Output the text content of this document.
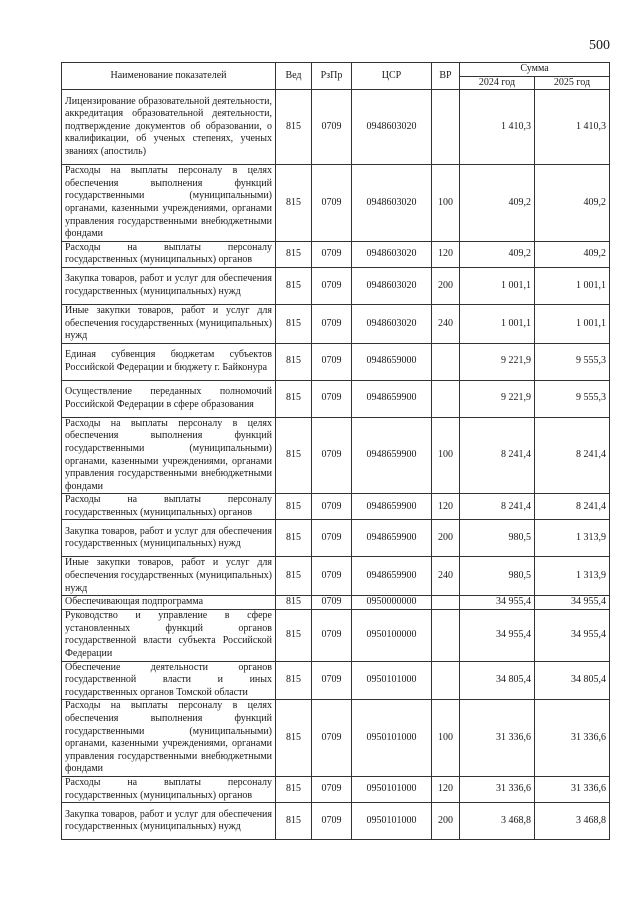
500
Наименование показателей	Вед	РзПр	ЦСР	ВР	Сумма	
					2024 год	2025 год
Лицензирование образовательной деятельности, аккредитация образовательной деятельности, подтверждение документов об образовании, о квалификации, об ученых степенях, ученых званиях (апостиль)	815	0709	0948603020		1 410,3	1 410,3
Расходы на выплаты персоналу в целях обеспечения выполнения функций государственными (муниципальными) органами, казенными учреждениями, органами управления государственными внебюджетными фондами	815	0709	0948603020	100	409,2	409,2
Расходы на выплаты персоналу государственных (муниципальных) органов	815	0709	0948603020	120	409,2	409,2
Закупка товаров, работ и услуг для обеспечения государственных (муниципальных) нужд	815	0709	0948603020	200	1 001,1	1 001,1
Иные закупки товаров, работ и услуг для обеспечения государственных (муниципальных) нужд	815	0709	0948603020	240	1 001,1	1 001,1
Единая субвенция бюджетам субъектов Российской Федерации и бюджету г. Байконура	815	0709	0948659000		9 221,9	9 555,3
Осуществление переданных полномочий Российской Федерации в сфере образования	815	0709	0948659900		9 221,9	9 555,3
Расходы на выплаты персоналу в целях обеспечения выполнения функций государственными (муниципальными) органами, казенными учреждениями, органами управления государственными внебюджетными фондами	815	0709	0948659900	100	8 241,4	8 241,4
Расходы на выплаты персоналу государственных (муниципальных) органов	815	0709	0948659900	120	8 241,4	8 241,4
Закупка товаров, работ и услуг для обеспечения государственных (муниципальных) нужд	815	0709	0948659900	200	980,5	1 313,9
Иные закупки товаров, работ и услуг для обеспечения государственных (муниципальных) нужд	815	0709	0948659900	240	980,5	1 313,9
Обеспечивающая подпрограмма	815	0709	0950000000		34 955,4	34 955,4
Руководство и управление в сфере установленных функций органов государственной власти субъекта Российской Федерации	815	0709	0950100000		34 955,4	34 955,4
Обеспечение деятельности органов государственной власти и иных государственных органов Томской области	815	0709	0950101000		34 805,4	34 805,4
Расходы на выплаты персоналу в целях обеспечения выполнения функций государственными (муниципальными) органами, казенными учреждениями, органами управления государственными внебюджетными фондами	815	0709	0950101000	100	31 336,6	31 336,6
Расходы на выплаты персоналу государственных (муниципальных) органов	815	0709	0950101000	120	31 336,6	31 336,6
Закупка товаров, работ и услуг для обеспечения государственных (муниципальных) нужд	815	0709	0950101000	200	3 468,8	3 468,8
